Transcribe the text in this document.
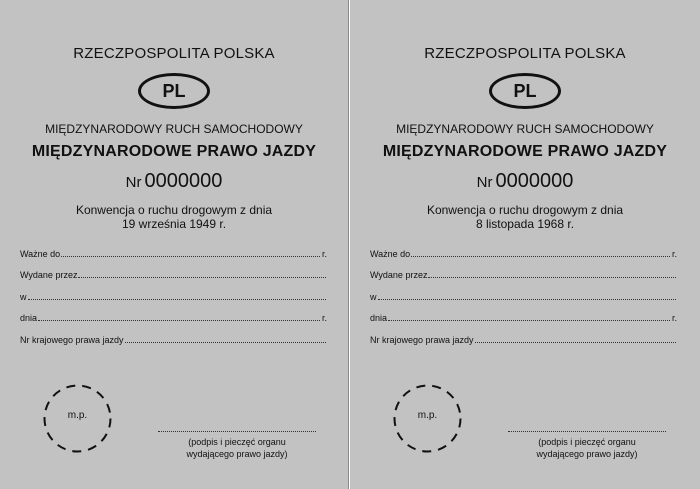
RZECZPOSPOLITA POLSKA
PL
MIĘDZYNARODOWY RUCH SAMOCHODOWY
MIĘDZYNARODOWE PRAWO JAZDY
Nr 0000000
Konwencja o ruchu drogowym z dnia
19 września 1949 r.
Ważne do	r.
Wydane przez
w
dnia	r.
Nr krajowego prawa jazdy
m.p.
(podpis i pieczęć organu
wydającego prawo jazdy)
RZECZPOSPOLITA POLSKA
PL
MIĘDZYNARODOWY RUCH SAMOCHODOWY
MIĘDZYNARODOWE PRAWO JAZDY
Nr 0000000
Konwencja o ruchu drogowym z dnia
8 listopada 1968 r.
Ważne do	r.
Wydane przez
w
dnia	r.
Nr krajowego prawa jazdy
m.p.
(podpis i pieczęć organu
wydającego prawo jazdy)
